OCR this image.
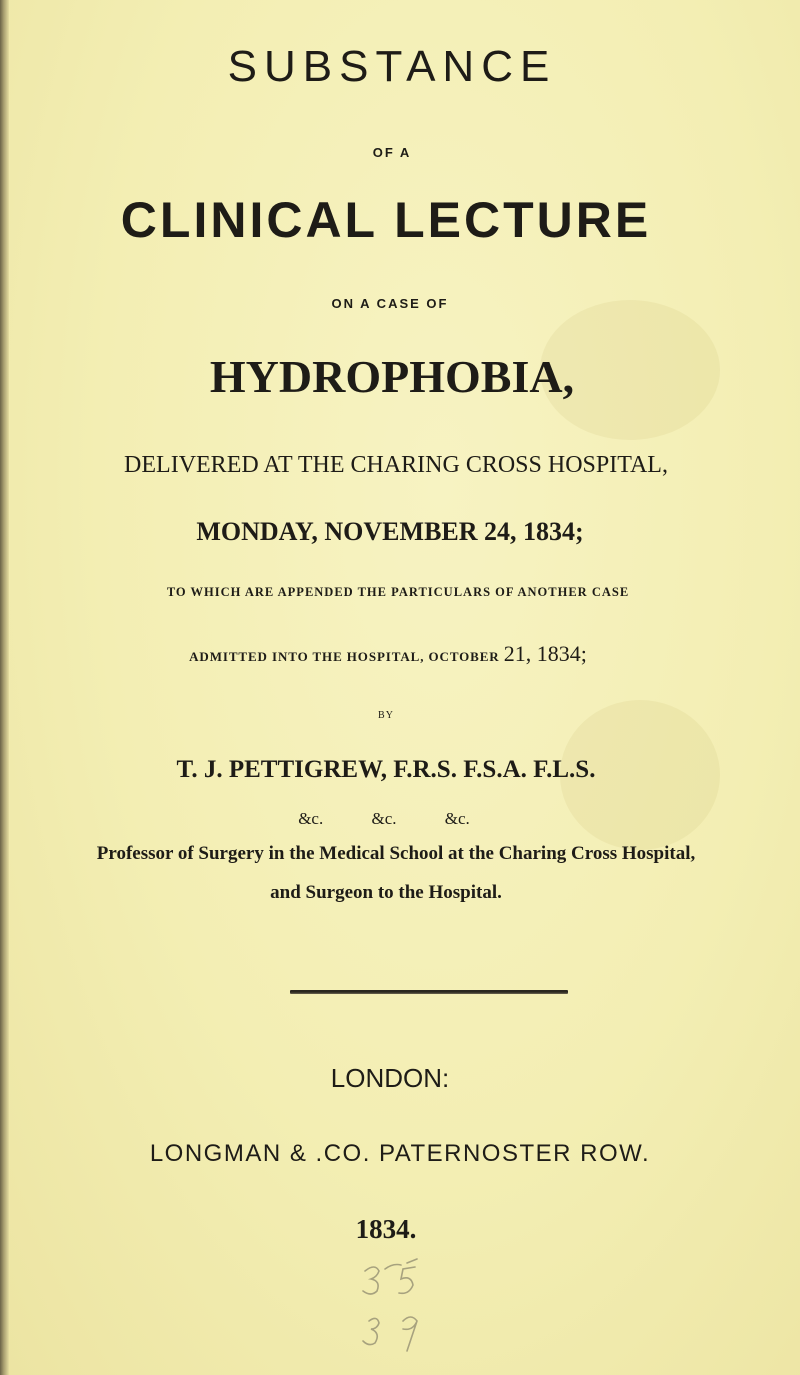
SUBSTANCE
OF A
CLINICAL LECTURE
ON A CASE OF
HYDROPHOBIA,
DELIVERED AT THE CHARING CROSS HOSPITAL,
MONDAY, NOVEMBER 24, 1834;
TO WHICH ARE APPENDED THE PARTICULARS OF ANOTHER CASE
ADMITTED INTO THE HOSPITAL, OCTOBER 21, 1834;
BY
T. J. PETTIGREW, F.R.S. F.S.A. F.L.S.
&c.	&c.	&c.
Professor of Surgery in the Medical School at the Charing Cross Hospital,
and Surgeon to the Hospital.
LONDON:
LONGMAN & .CO. PATERNOSTER ROW.
1834.
